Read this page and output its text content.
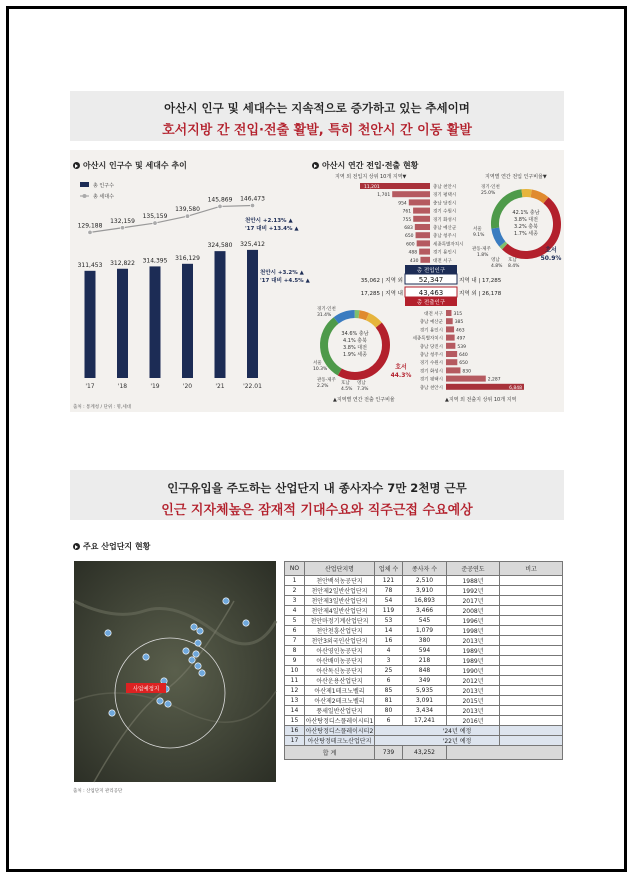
아산시 인구 및 세대수는 지속적으로 증가하고 있는 추세이며
호서지방 간 전입·전출 활발, 특히 천안시 간 이동 활발
아산시 인구수 및 세대수 추이	아산시 연간 전입·전출 현황
총 인구수
총 세대수
311,453 312,822 314,395 316,129
324,580 325,412
129,188
132,159
135,159
139,580
145,869 146,473
'17	'18	'19	'20	'21	'22.01
천안시 +2.13% ▲
'17 대비 +13.4% ▲
천안시 +3.2% ▲
'17 대비 +4.5% ▲
출처 : 통계청 / 단위 : 명,세대
지역 외 전입지 상위 10개 지역▼	지역별 연간 전입 인구비율▼
11,201	충남 천안시
1,701	경기 평택시
954	충남 당진시
761	경기 수원시
755	경기 화성시
683	충남 예산군
650	충남 청주시
600	세종특별자치시
488	경기 용인시
430	대전 서구
대전 서구 315
충남 예산군	385
경기 용인시	463
세종특별자치시	497
충남 당진시	539
충남 청주시	640
경기 수원시	650
경기 화성시	830
경기 평택시	2,287
충남 천안시	6,848
총 전입인구
52,347
35,062 | 지역 외	지역 내 | 17,285
43,463
총 전출인구
17,285 | 지역 내	지역 외 | 26,178
42.1% 충남
3.8% 대전
3.2% 충북
1.7% 세종
경기·인천
25.0%
서울
9.1%
관동·제주
1.8%
영남
4.8%
호남
8.4%
호서
50.9%
34.6% 충남
4.1% 충북
3.8% 대전
1.9% 세종
경기·인천
31.4%
서울
10.3%
관동·제주
2.2%
호남
4.5%
영남
7.3%
호서
44.3%
▲지역별 연간 전출 인구비율	▲지역 외 전출지 상위 10개 지역
인구유입을 주도하는 산업단지 내 종사자수 7만 2천명 근무
인근 지자체높은 잠재적 기대수요와 직주근접 수요예상
주요 산업단지 현황
사업예정지
출처 : 산업단지 관리공단
NO	산업단지명	업체 수	종사자 수	준공연도	비고
1	천안백석농공단지	121	2,510	1988년	
2	천안제2일반산업단지	78	3,910	1992년	
3	천안제3일반산업단지	54	16,893	2017년	
4	천안제4일반산업단지	119	3,466	2008년	
5	천안마정기계산업단지	53	545	1996년	
6	천안천흥산업단지	14	1,079	1998년	
7	천안3외국인산업단지	16	380	2013년	
8	아산영인농공단지	4	594	1989년	
9	아산배미농공단지	3	218	1989년	
10	아산독신농공단지	25	848	1990년	
11	아산운용산업단지	6	349	2012년	
12	아산제1테크노벨리	85	5,935	2013년	
13	아산제2테크노벨리	81	3,091	2015년	
14	풍세일반산업단지	80	3,434	2013년	
15	아산탕정디스플레이시티1	6	17,241	2016년	
16	아산탕정디스플레이시티2	'24년 예정			
17	아산탕정테크노산업단지	'22년 예정			
합 계		739	43,252		
